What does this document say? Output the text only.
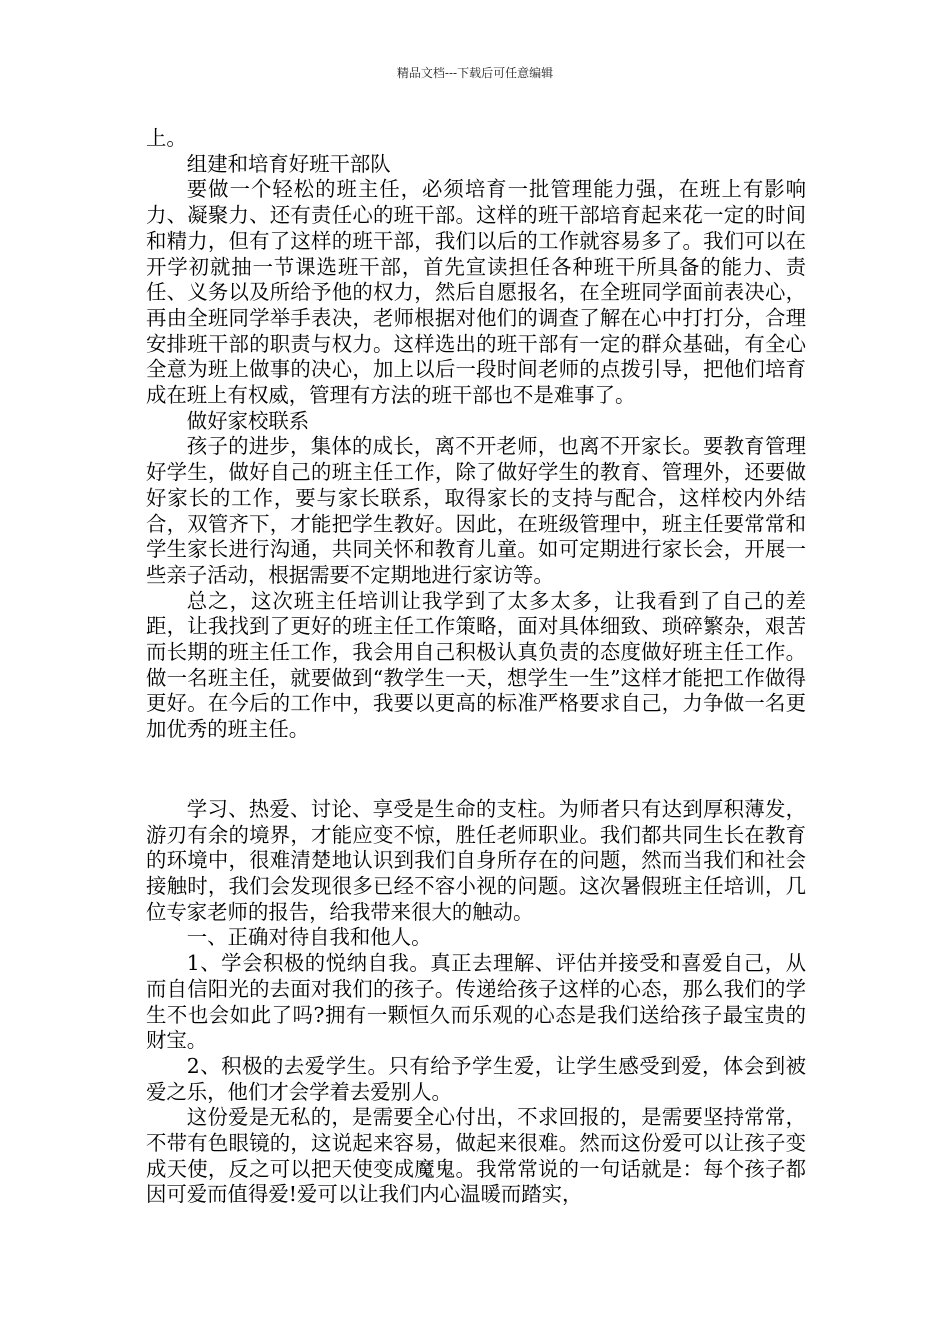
精品文档---下载后可任意编辑

上。

组建和培育好班干部队

要做一个轻松的班主任，必须培育一批管理能力强，在班上有影响力、凝聚力、还有责任心的班干部。这样的班干部培育起来花一定的时间和精力，但有了这样的班干部，我们以后的工作就容易多了。我们可以在开学初就抽一节课选班干部，首先宣读担任各种班干所具备的能力、责任、义务以及所给予他的权力，然后自愿报名，在全班同学面前表决心，再由全班同学举手表决，老师根据对他们的调查了解在心中打打分，合理安排班干部的职责与权力。这样选出的班干部有一定的群众基础，有全心全意为班上做事的决心，加上以后一段时间老师的点拨引导，把他们培育成在班上有权威，管理有方法的班干部也不是难事了。

做好家校联系

孩子的进步，集体的成长，离不开老师，也离不开家长。要教育管理好学生，做好自己的班主任工作，除了做好学生的教育、管理外，还要做好家长的工作，要与家长联系，取得家长的支持与配合，这样校内外结合，双管齐下，才能把学生教好。因此，在班级管理中，班主任要常常和学生家长进行沟通，共同关怀和教育儿童。如可定期进行家长会，开展一些亲子活动，根据需要不定期地进行家访等。

总之，这次班主任培训让我学到了太多太多，让我看到了自己的差距，让我找到了更好的班主任工作策略，面对具体细致、琐碎繁杂，艰苦而长期的班主任工作，我会用自己积极认真负责的态度做好班主任工作。做一名班主任，就要做到“教学生一天，想学生一生”这样才能把工作做得更好。在今后的工作中，我要以更高的标准严格要求自己，力争做一名更加优秀的班主任。

学习、热爱、讨论、享受是生命的支柱。为师者只有达到厚积薄发，游刃有余的境界，才能应变不惊，胜任老师职业。我们都共同生长在教育的环境中，很难清楚地认识到我们自身所存在的问题，然而当我们和社会接触时，我们会发现很多已经不容小视的问题。这次暑假班主任培训，几位专家老师的报告，给我带来很大的触动。

一、正确对待自我和他人。

1、学会积极的悦纳自我。真正去理解、评估并接受和喜爱自己，从而自信阳光的去面对我们的孩子。传递给孩子这样的心态，那么我们的学生不也会如此了吗?拥有一颗恒久而乐观的心态是我们送给孩子最宝贵的财宝。

2、积极的去爱学生。只有给予学生爱，让学生感受到爱，体会到被爱之乐，他们才会学着去爱别人。

这份爱是无私的，是需要全心付出，不求回报的，是需要坚持常常，不带有色眼镜的，这说起来容易，做起来很难。然而这份爱可以让孩子变成天使，反之可以把天使变成魔鬼。我常常说的一句话就是：每个孩子都因可爱而值得爱!爱可以让我们内心温暖而踏实，
